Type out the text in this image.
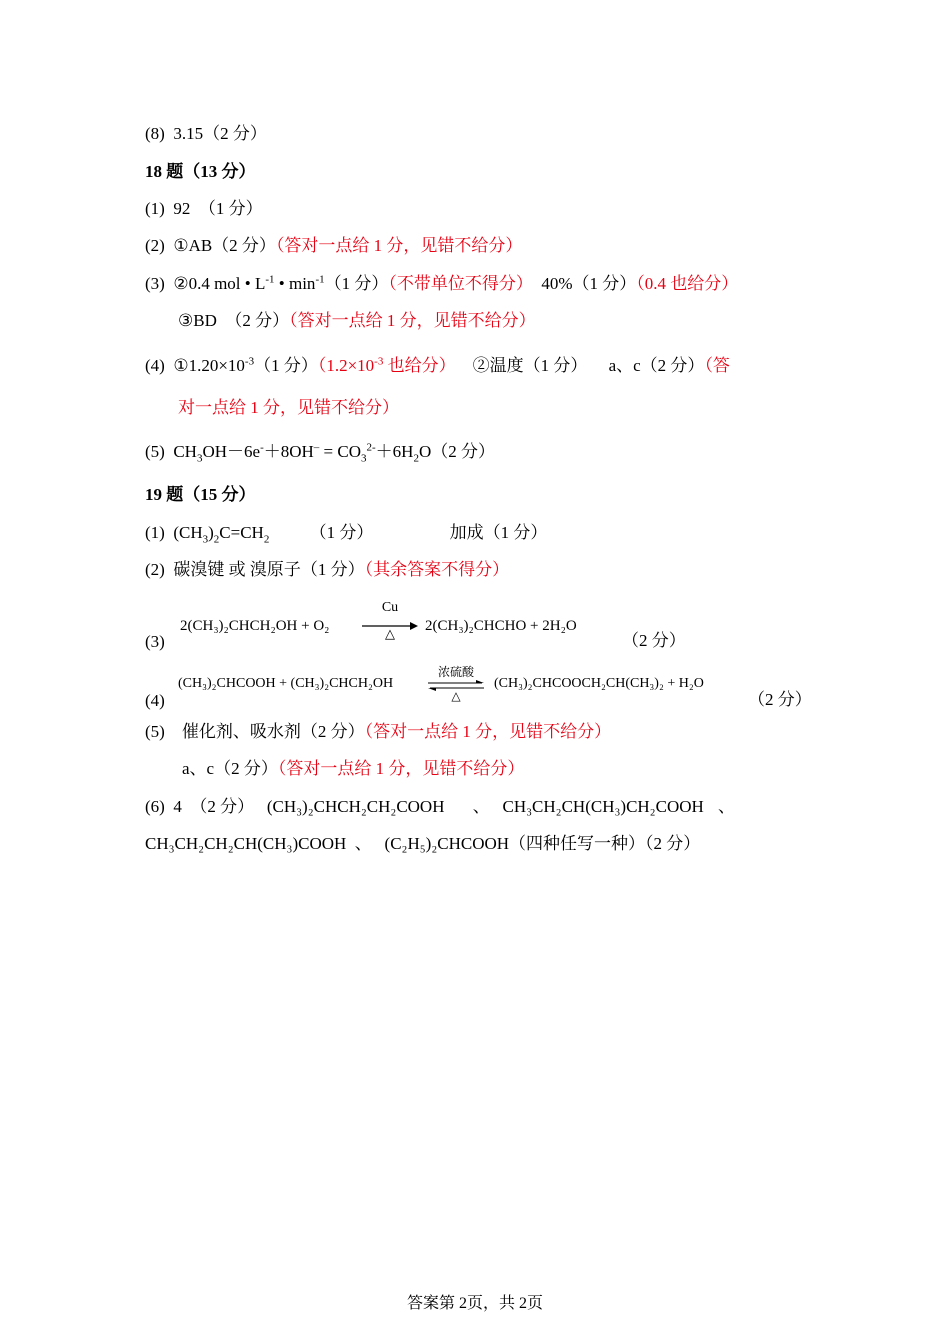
(8) 3.15（2 分）
18 题（13 分）
(1) 92　（1 分）
(2) ①AB（2 分）（答对一点给 1 分，见错不给分）
(3) ②0.4 mol • $L^{-1}$ • $\min^{-1}(1$ 分）（不带单位不得分） 40%（1 分）（0.4 也给分）
③BD　（2 分）（答对一点给 1 分，见错不给分）
(4) $①1.20\times 10^{-3}(1$ 分）（$1.2\times 10^{-3}$ 也给分） ②温度（1 分） a、c（2 分）（答
对一点给 1 分，见错不给分）
(5) $CH_3OH-6e^-+8OH^- = CO_3^{2-}+6H_2O(2$ 分）
19 题（15 分）
(1) $(CH_3)_2C=CH_2$ （1 分）	加成（1 分）
(2) 碳溴键 或 溴原子（1 分）（其余答案不得分）
(3)
2(CH₃)₂CHCH₂OH + O₂
Cu
△	2(CH₃)₂CHCHO + 2H₂O
（2 分）
(4)
(CH₃)₂CHCOOH + (CH₃)₂CHCH₂OH
浓硫酸
△
(CH₃)₂CHCOOCH₂CH(CH₃)₂ + H₂O
（2 分）
(5) 催化剂、吸水剂（2 分）（答对一点给 1 分，见错不给分）
a、c（2 分）（答对一点给 1 分，见错不给分）
(6) 4　（2 分） (CH₃)₂CHCH₂CH₂COOH 、 CH₃CH₂CH(CH₃)CH₂COOH 、
CH₃CH₂CH₂CH(CH₃)COOH 、 (C₂H₅)₂CHCOOH（四种任写一种）（2 分）
答案第 2页，共 2页
